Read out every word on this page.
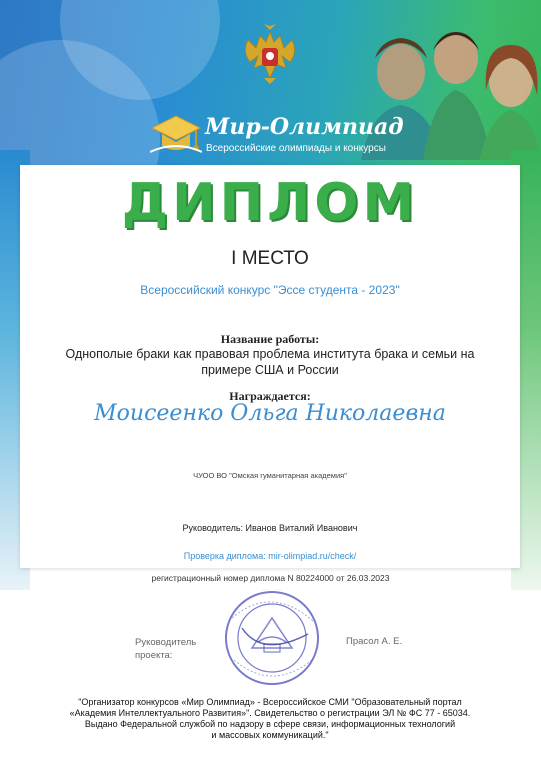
Мир-Олимпиад
Всероссийские олимпиады и конкурсы
ДИПЛОМ
I МЕСТО
Всероссийский конкурс "Эссе студента - 2023"
Название работы:
Однополые браки как правовая проблема института брака и семьи на примере США и России
Награждается:
Моисеенко Ольга Николаевна
ЧУОО ВО "Омская гуманитарная академия"
Руководитель: Иванов Виталий Иванович
Проверка диплома: mir-olimpiad.ru/check/
регистрационный номер диплома N 80224000 от 26.03.2023
Руководитель проекта:
Прасол А. Е.
"Организатор конкурсов «Мир Олимпиад» - Всероссийское СМИ "Образовательный портал
«Академия Интеллектуального Развития»". Свидетельство о регистрации ЭЛ № ФС 77 - 65034.
Выдано Федеральной службой по надзору в сфере связи, информационных технологий
и массовых коммуникаций."
